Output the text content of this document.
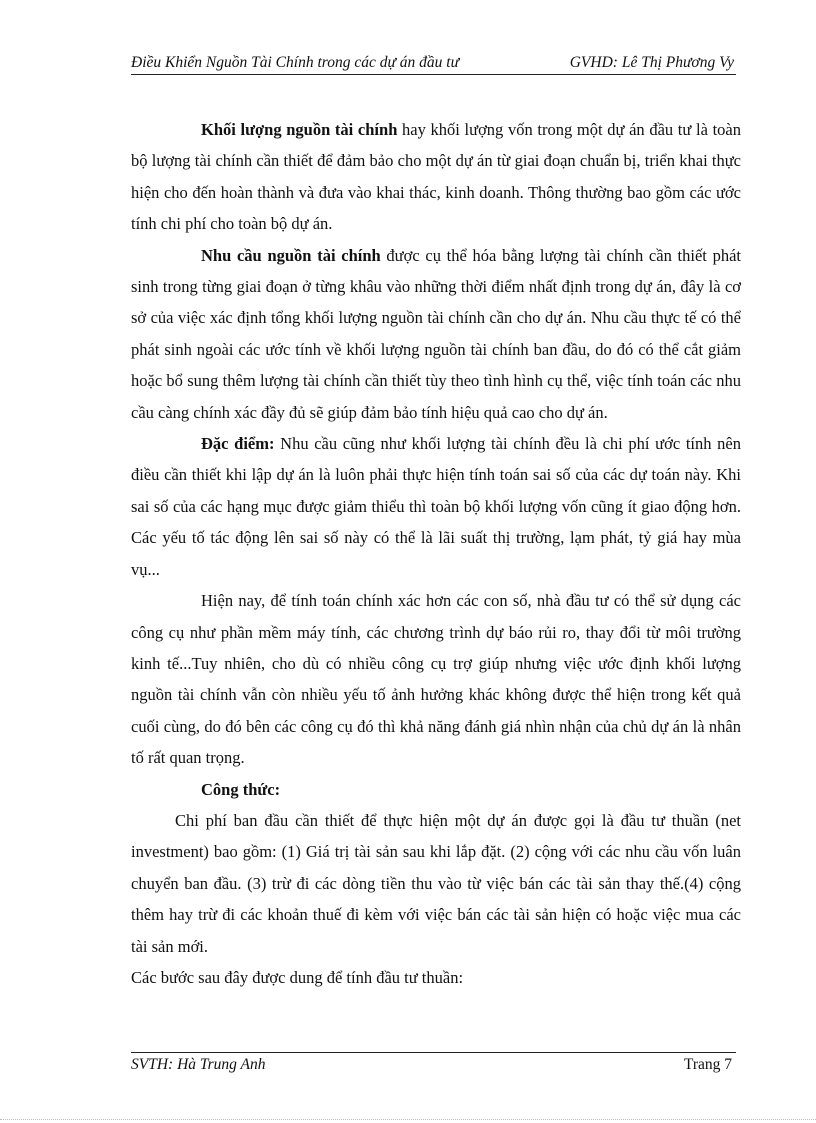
Điều Khiển Nguồn Tài Chính trong các dự án đầu tư	GVHD: Lê Thị Phương Vy

Khối lượng nguồn tài chính hay khối lượng vốn trong một dự án đầu tư là toàn bộ lượng tài chính cần thiết để đảm bảo cho một dự án từ giai đoạn chuẩn bị, triển khai thực hiện cho đến hoàn thành và đưa vào khai thác, kinh doanh. Thông thường bao gồm các ước tính chi phí cho toàn bộ dự án.

Nhu cầu nguồn tài chính được cụ thể hóa bằng lượng tài chính cần thiết phát sinh trong từng giai đoạn ở từng khâu vào những thời điểm nhất định trong dự án, đây là cơ sở của việc xác định tổng khối lượng nguồn tài chính cần cho dự án. Nhu cầu thực tế có thể phát sinh ngoài các ước tính về khối lượng nguồn tài chính ban đầu, do đó có thể cắt giảm hoặc bổ sung thêm lượng tài chính cần thiết tùy theo tình hình cụ thể, việc tính toán các nhu cầu càng chính xác đầy đủ sẽ giúp đảm bảo tính hiệu quả cao cho dự án.

Đặc điểm: Nhu cầu cũng như khối lượng tài chính đều là chi phí ước tính nên điều cần thiết khi lập dự án là luôn phải thực hiện tính toán sai số của các dự toán này. Khi sai số của các hạng mục được giảm thiểu thì toàn bộ khối lượng vốn cũng ít giao động hơn. Các yếu tố tác động lên sai số này có thể là lãi suất thị trường, lạm phát, tỷ giá hay mùa vụ...

Hiện nay, để tính toán chính xác hơn các con số, nhà đầu tư có thể sử dụng các công cụ như phần mềm máy tính, các chương trình dự báo rủi ro, thay đổi từ môi trường kinh tế...Tuy nhiên, cho dù có nhiều công cụ trợ giúp nhưng việc ước định khối lượng nguồn tài chính vẫn còn nhiều yếu tố ảnh hưởng khác không được thể hiện trong kết quả cuối cùng, do đó bên các công cụ đó thì khả năng đánh giá nhìn nhận của chủ dự án là nhân tố rất quan trọng.

Công thức:

Chi phí ban đầu cần thiết để thực hiện một dự án được gọi là đầu tư thuần (net investment) bao gồm: (1) Giá trị tài sản sau khi lắp đặt. (2) cộng với các nhu cầu vốn luân chuyển ban đầu. (3) trừ đi các dòng tiền thu vào từ việc bán các tài sản thay thế.(4) cộng thêm hay trừ đi các khoản thuế đi kèm với việc bán các tài sản hiện có hoặc việc mua các tài sản mới.

Các bước sau đây được dung để tính đầu tư thuần:

SVTH: Hà Trung Anh	Trang 7
